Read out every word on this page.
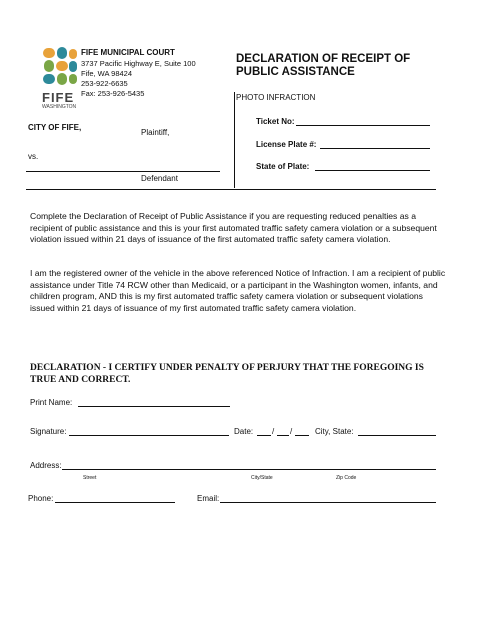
FIFE
WASHINGTON
FIFE MUNICIPAL COURT
3737 Pacific Highway E, Suite 100
Fife, WA 98424
253-922-6635
Fax: 253-926-5435
DECLARATION OF RECEIPT OF
PUBLIC ASSISTANCE
PHOTO INFRACTION
CITY OF FIFE,
Plaintiff,
vs.
Defendant
Ticket No:
License Plate #:
State of Plate:
Complete the Declaration of Receipt of Public Assistance if you are requesting reduced penalties as a recipient of public assistance and this is your first automated traffic safety camera violation or a subsequent violation issued within 21 days of issuance of the first automated traffic safety camera violation.
I am the registered owner of the vehicle in the above referenced Notice of Infraction. I am a recipient of public assistance under Title 74 RCW other than Medicaid, or a participant in the Washington women, infants, and children program, AND this is my first automated traffic safety camera violation or subsequent violations issued within 21 days of issuance of my first automated traffic safety camera violation.
DECLARATION - I CERTIFY UNDER PENALTY OF PERJURY THAT THE FOREGOING IS TRUE AND CORRECT.
Print Name:
Signature:	Date: / /	City, State:
Address:
Street	City/State	Zip Code
Phone:	Email:
